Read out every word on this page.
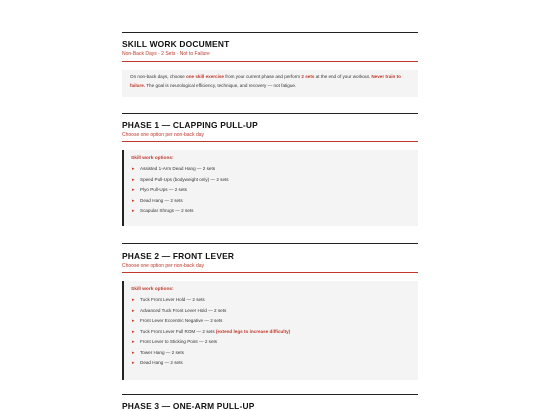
SKILL WORK DOCUMENT
Non-Back Days · 2 Sets · Not to Failure
On non-back days, choose one skill exercise from your current phase and perform 2 sets at the end of your workout. Never train to failure. The goal is neurological efficiency, technique, and recovery — not fatigue.
PHASE 1 — CLAPPING PULL-UP
Choose one option per non-back day
Skill work options:
▸ Assisted 1-Arm Dead Hang — 2 sets
▸ Speed Pull-Ups (bodyweight only) — 2 sets
▸ Plyo Pull-Ups — 2 sets
▸ Dead Hang — 2 sets
▸ Scapular Shrugs — 2 sets
PHASE 2 — FRONT LEVER
Choose one option per non-back day
Skill work options:
▸ Tuck Front Lever Hold — 2 sets
▸ Advanced Tuck Front Lever Hold — 2 sets
▸ Front Lever Eccentric Negative — 2 sets
▸ Tuck Front Lever Full ROM — 2 sets (extend legs to increase difficulty)
▸ Front Lever to Sticking Point — 2 sets
▸ Tower Hang — 2 sets
▸ Dead Hang — 2 sets
PHASE 3 — ONE-ARM PULL-UP
